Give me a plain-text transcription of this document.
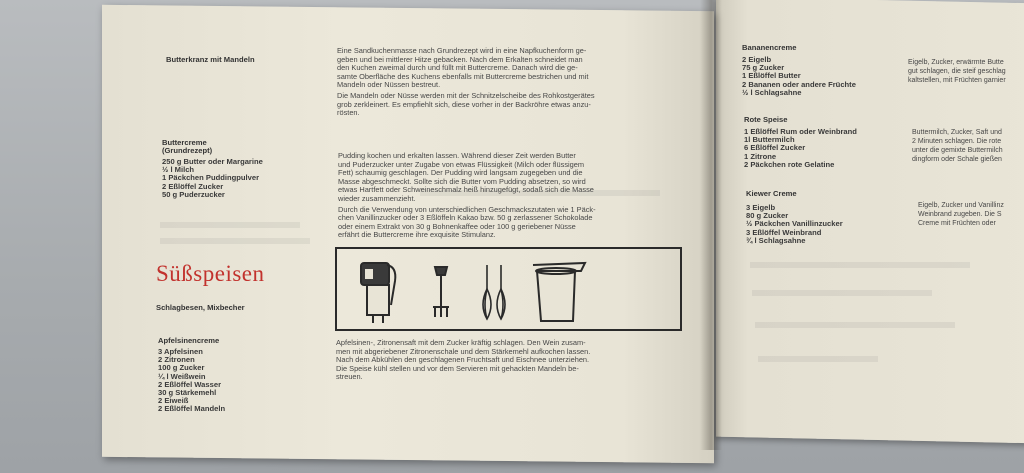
Butterkranz mit Mandeln
Eine Sandkuchenmasse nach Grundrezept wird in eine Napfkuchenform ge-
geben und bei mittlerer Hitze gebacken. Nach dem Erkalten schneidet man
den Kuchen zweimal durch und füllt mit Buttercreme. Danach wird die ge-
samte Oberfläche des Kuchens ebenfalls mit Buttercreme bestrichen und mit
Mandeln oder Nüssen bestreut.
Die Mandeln oder Nüsse werden mit der Schnitzelscheibe des Rohkostgerätes
grob zerkleinert. Es empfiehlt sich, diese vorher in der Backröhre etwas anzu-
rösten.
Buttercreme
(Grundrezept)
250 g Butter oder Margarine
½ l Milch
1 Päckchen Puddingpulver
2 Eßlöffel Zucker
50 g Puderzucker
Pudding kochen und erkalten lassen. Während dieser Zeit werden Butter
und Puderzucker unter Zugabe von etwas Flüssigkeit (Milch oder flüssigem
Fett) schaumig geschlagen. Der Pudding wird langsam zugegeben und die
Masse abgeschmeckt. Sollte sich die Butter vom Pudding absetzen, so wird
etwas Hartfett oder Schweineschmalz heiß hinzugefügt, sodaß sich die Masse
wieder zusammenzieht.
Durch die Verwendung von unterschiedlichen Geschmackszutaten wie 1 Päck-
chen Vanillinzucker oder 3 Eßlöffeln Kakao bzw. 50 g zerlassener Schokolade
oder einem Extrakt von 30 g Bohnenkaffee oder 100 g geriebener Nüsse
erfährt die Buttercreme ihre exquisite Stimulanz.
Süßspeisen
Schlagbesen, Mixbecher
Apfelsinencreme
3 Apfelsinen
2 Zitronen
100 g Zucker
¼ l Weißwein
2 Eßlöffel Wasser
30 g Stärkemehl
2 Eiweiß
2 Eßlöffel Mandeln
Apfelsinen-, Zitronensaft mit dem Zucker kräftig schlagen. Den Wein zusam-
men mit abgeriebener Zitronenschale und dem Stärkemehl aufkochen lassen.
Nach dem Abkühlen den geschlagenen Fruchtsaft und Eischnee unterziehen.
Die Speise kühl stellen und vor dem Servieren mit gehackten Mandeln be-
streuen.
Bananencreme
2 Eigelb
75 g Zucker
1 Eßlöffel Butter
2 Bananen oder andere Früchte
½ l Schlagsahne
Eigelb, Zucker, erwärmte Butte
gut schlagen, die steif geschlag
kaltstellen, mit Früchten garnier
Rote Speise
1 Eßlöffel Rum oder Weinbrand
1l Buttermilch
6 Eßlöffel Zucker
1 Zitrone
2 Päckchen rote Gelatine
Buttermilch, Zucker, Saft und
2 Minuten schlagen. Die rote
unter die gemixte Buttermilch
dingform oder Schale gießen
Kiewer Creme
3 Eigelb
80 g Zucker
½ Päckchen Vanillinzucker
3 Eßlöffel Weinbrand
¾ l Schlagsahne
Eigelb, Zucker und Vanillinz
Weinbrand zugeben. Die S
Creme mit Früchten oder
